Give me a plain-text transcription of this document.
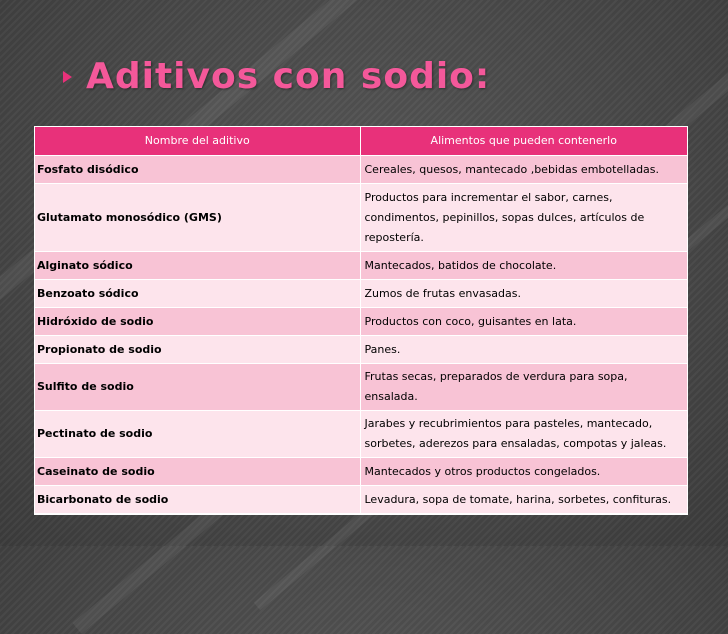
Aditivos con sodio:
Nombre del aditivo	Alimentos que pueden contenerlo
Fosfato disódico	Cereales, quesos, mantecado ,bebidas embotelladas.
Glutamato monosódico (GMS)	Productos para incrementar el sabor, carnes, condimentos, pepinillos, sopas dulces, artículos de repostería.
Alginato sódico	Mantecados, batidos de chocolate.
Benzoato sódico	Zumos de frutas envasadas.
Hidróxido de sodio	Productos con coco, guisantes en lata.
Propionato de sodio	Panes.
Sulfito de sodio	Frutas secas, preparados de verdura para sopa, ensalada.
Pectinato de sodio	Jarabes y recubrimientos para pasteles, mantecado, sorbetes, aderezos para ensaladas, compotas y jaleas.
Caseinato de sodio	Mantecados y otros productos congelados.
Bicarbonato de sodio	Levadura, sopa de tomate, harina, sorbetes, confituras.
